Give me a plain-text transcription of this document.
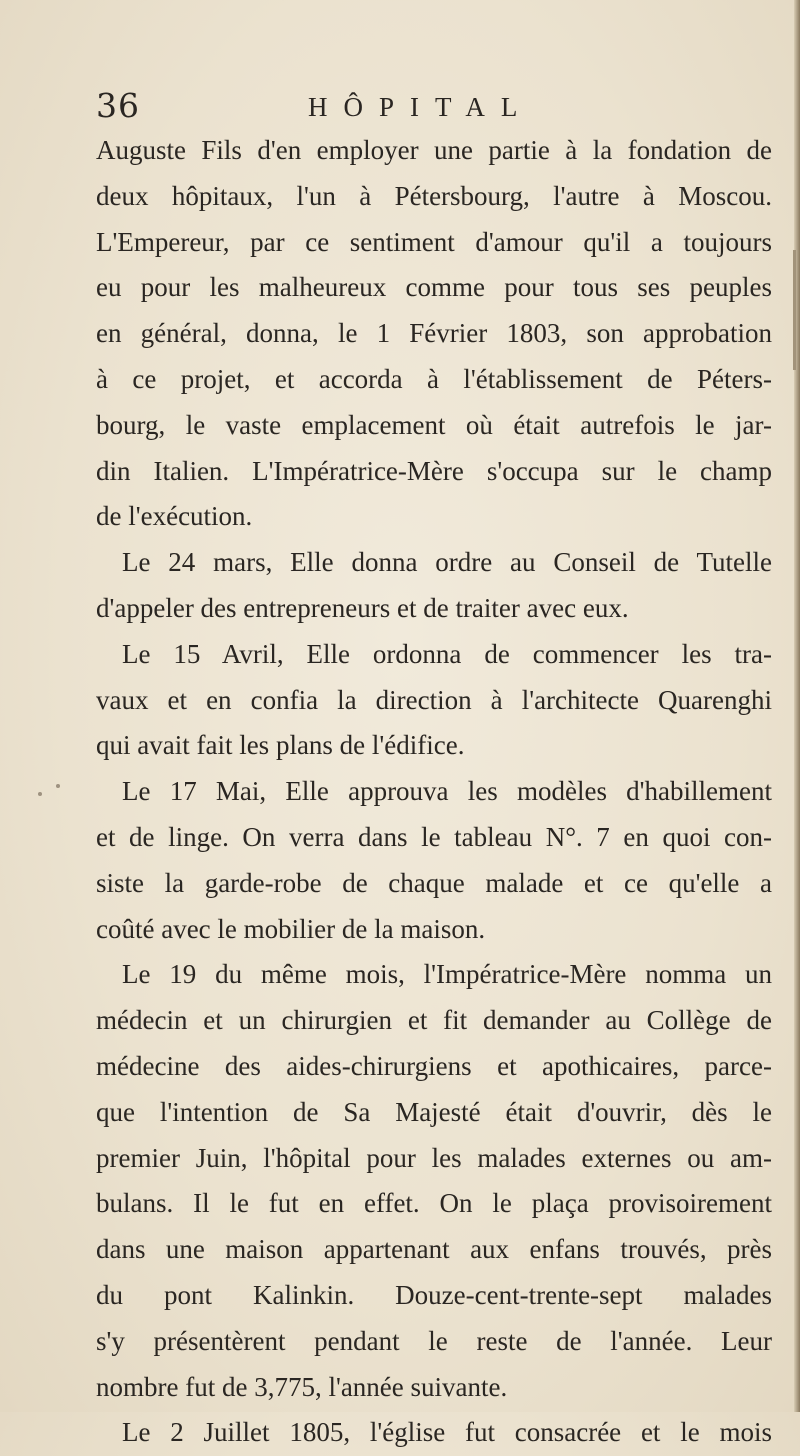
36	HÔPITAL
Auguste Fils d'en employer une partie à la fondation de
deux hôpitaux, l'un à Pétersbourg, l'autre à Moscou.
L'Empereur, par ce sentiment d'amour qu'il a toujours
eu pour les malheureux comme pour tous ses peuples
en général, donna, le 1 Février 1803, son approbation
à ce projet, et accorda à l'établissement de Péters-
bourg, le vaste emplacement où était autrefois le jar-
din Italien. L'Impératrice-Mère s'occupa sur le champ
de l'exécution.
Le 24 mars, Elle donna ordre au Conseil de Tutelle
d'appeler des entrepreneurs et de traiter avec eux.
Le 15 Avril, Elle ordonna de commencer les tra-
vaux et en confia la direction à l'architecte Quarenghi
qui avait fait les plans de l'édifice.
Le 17 Mai, Elle approuva les modèles d'habillement
et de linge. On verra dans le tableau N°. 7 en quoi con-
siste la garde-robe de chaque malade et ce qu'elle a
coûté avec le mobilier de la maison.
Le 19 du même mois, l'Impératrice-Mère nomma un
médecin et un chirurgien et fit demander au Collège de
médecine des aides-chirurgiens et apothicaires, parce-
que l'intention de Sa Majesté était d'ouvrir, dès le
premier Juin, l'hôpital pour les malades externes ou am-
bulans. Il le fut en effet. On le plaça provisoirement
dans une maison appartenant aux enfans trouvés, près
du pont Kalinkin. Douze-cent-trente-sept malades
s'y présentèrent pendant le reste de l'année. Leur
nombre fut de 3,775, l'année suivante.
Le 2 Juillet 1805, l'église fut consacrée et le mois
